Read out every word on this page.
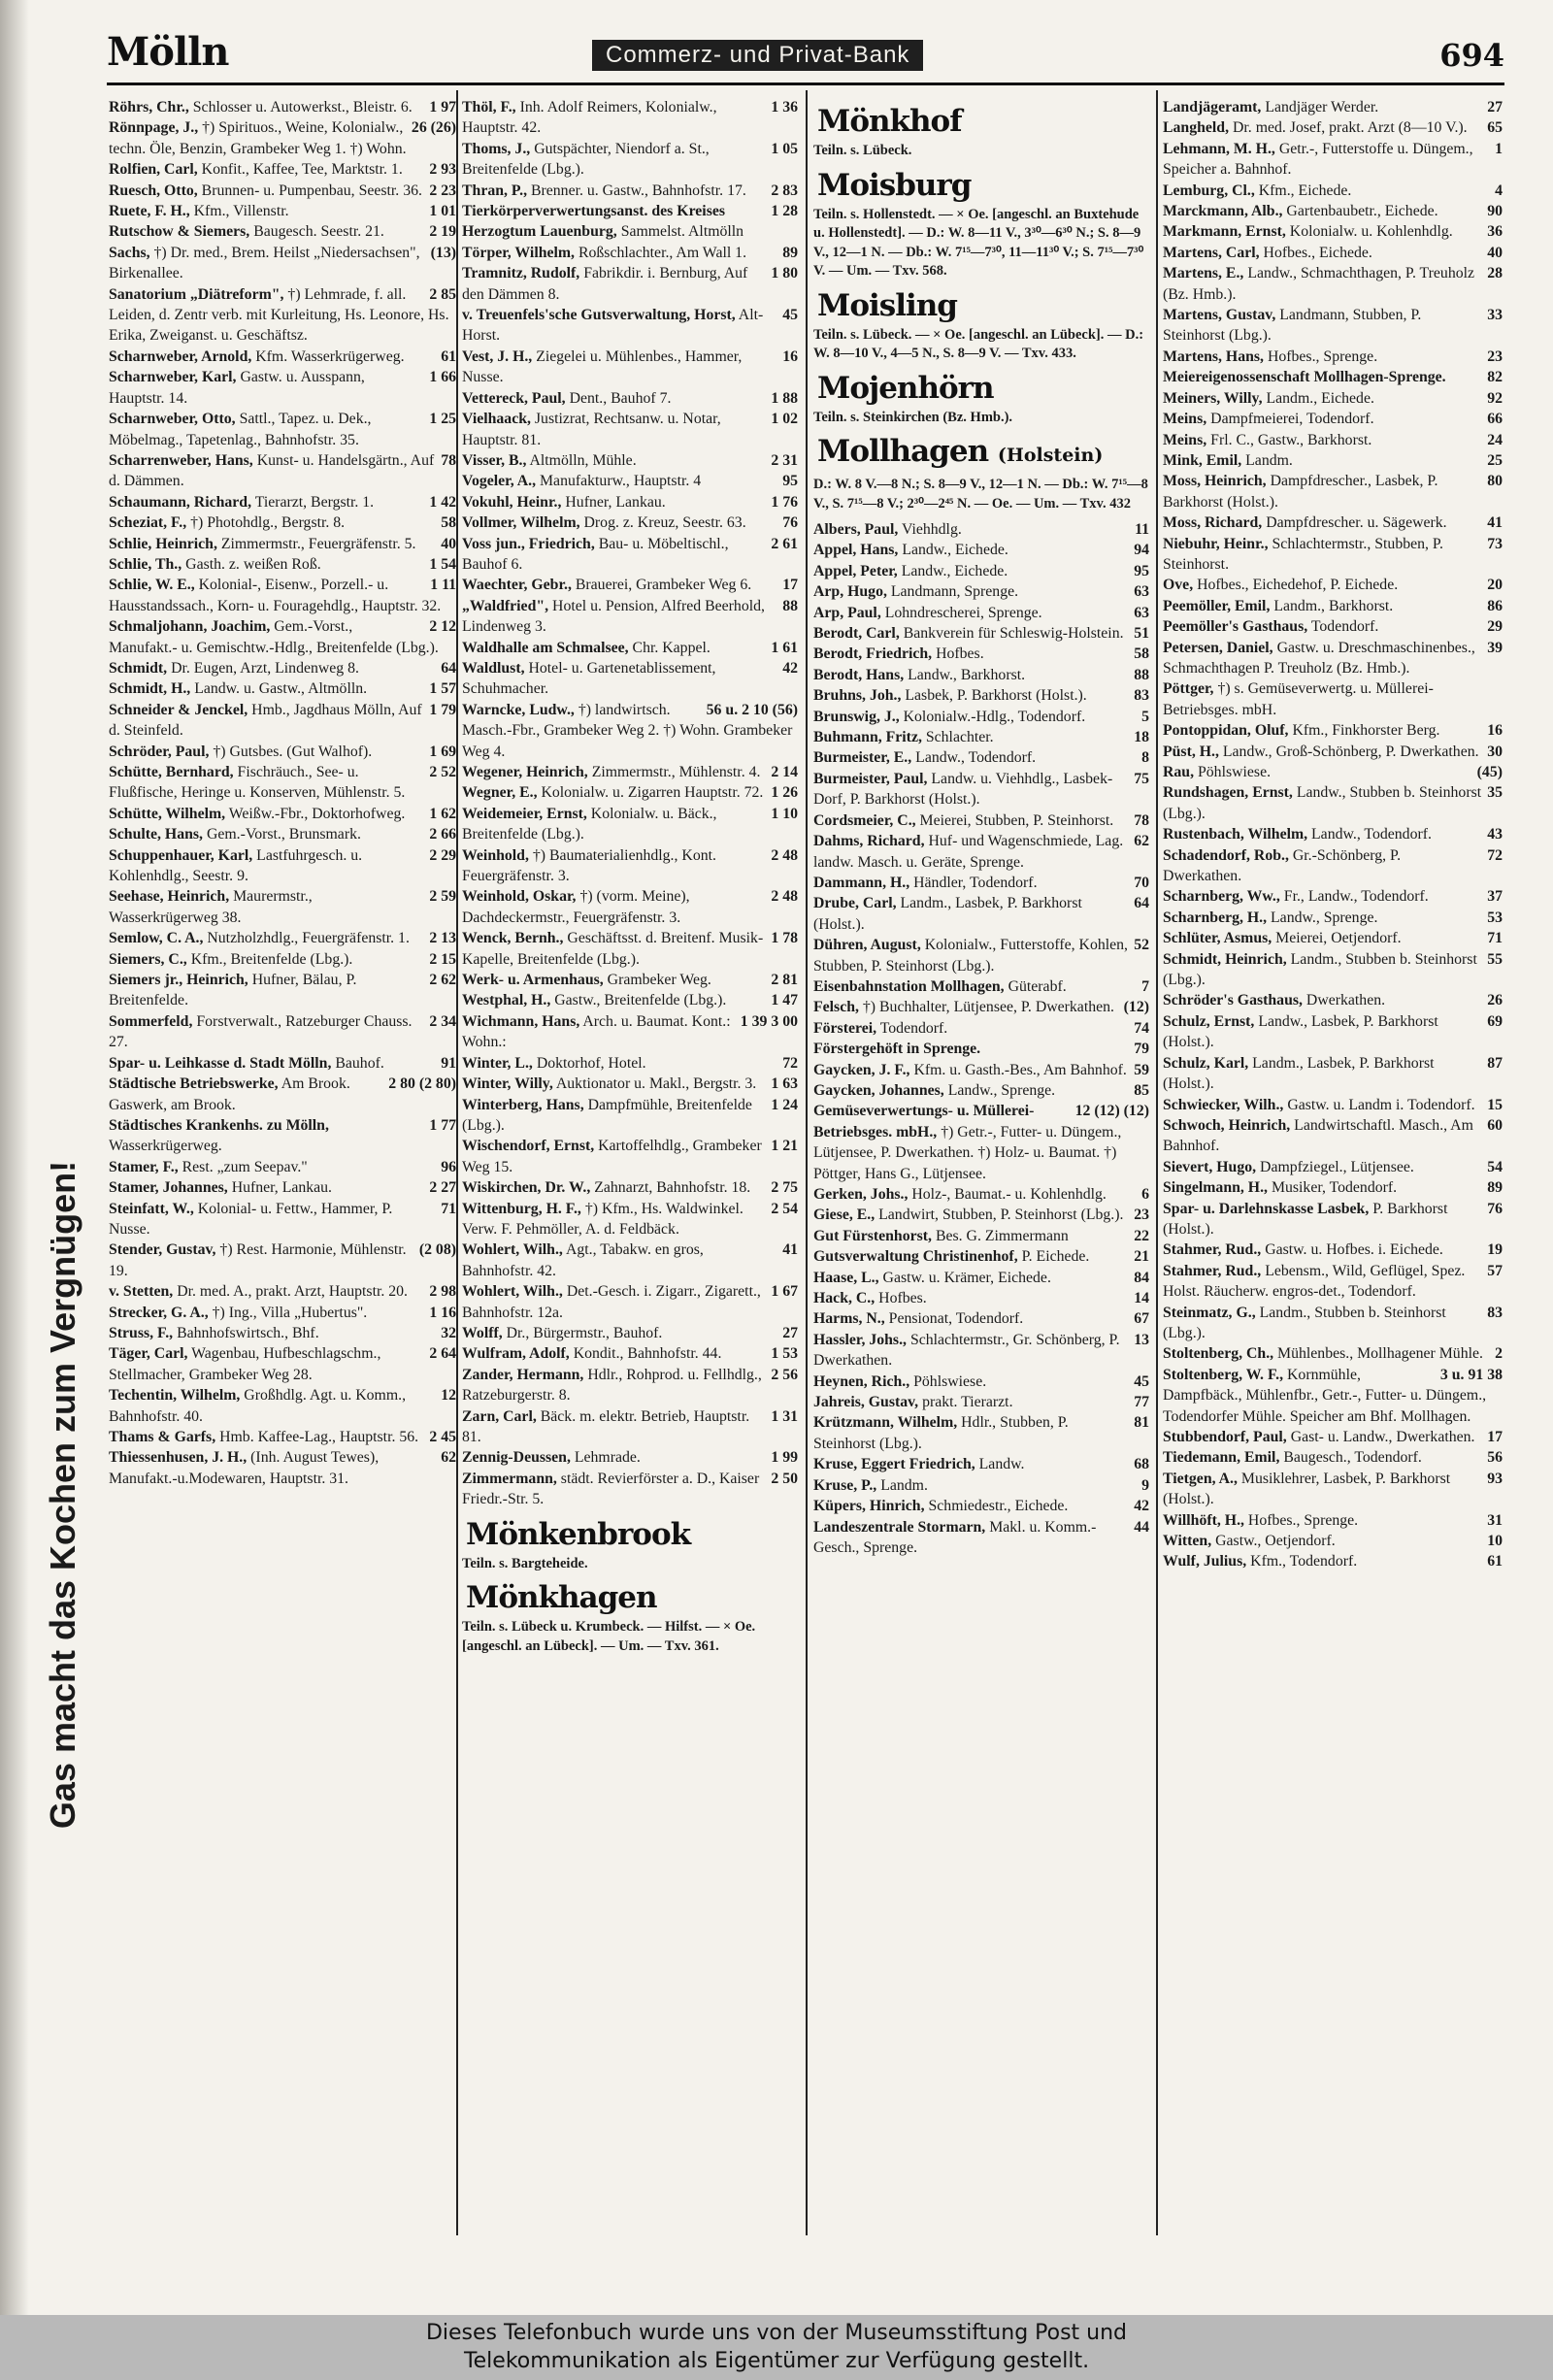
Mölln	Commerz- und Privat-Bank	694
Gas macht das Kochen zum Vergnügen!
1 97
Röhrs, Chr., Schlosser u. Autowerkst., Bleistr. 6.
26 (26)
Rönnpage, J., †) Spirituos., Weine, Kolonialw., techn. Öle, Benzin, Grambeker Weg 1. †) Wohn.
2 93
Rolfien, Carl, Konfit., Kaffee, Tee, Marktstr. 1.
2 23
Ruesch, Otto, Brunnen- u. Pumpenbau, Seestr. 36.
1 01
Ruete, F. H., Kfm., Villenstr.
2 19
Rutschow & Siemers, Baugesch. Seestr. 21.
(13)
Sachs, †) Dr. med., Brem. Heilst „Niedersachsen", Birkenallee.
2 85
Sanatorium „Diätreform", †) Lehmrade, f. all. Leiden, d. Zentr verb. mit Kurleitung, Hs. Leonore, Hs. Erika, Zweiganst. u. Geschäftsz.
61
Scharnweber, Arnold, Kfm. Wasserkrügerweg.
1 66
Scharnweber, Karl, Gastw. u. Ausspann, Hauptstr. 14.
1 25
Scharnweber, Otto, Sattl., Tapez. u. Dek., Möbelmag., Tapetenlag., Bahnhofstr. 35.
78
Scharrenweber, Hans, Kunst- u. Handelsgärtn., Auf d. Dämmen.
1 42
Schaumann, Richard, Tierarzt, Bergstr. 1.
58
Scheziat, F., †) Photohdlg., Bergstr. 8.
40
Schlie, Heinrich, Zimmermstr., Feuergräfenstr. 5.
1 54
Schlie, Th., Gasth. z. weißen Roß.
1 11
Schlie, W. E., Kolonial-, Eisenw., Porzell.- u. Hausstandssach., Korn- u. Fouragehdlg., Hauptstr. 32.
2 12
Schmaljohann, Joachim, Gem.-Vorst., Manufakt.- u. Gemischtw.-Hdlg., Breitenfelde (Lbg.).
64
Schmidt, Dr. Eugen, Arzt, Lindenweg 8.
1 57
Schmidt, H., Landw. u. Gastw., Altmölln.
1 79
Schneider & Jenckel, Hmb., Jagdhaus Mölln, Auf d. Steinfeld.
1 69
Schröder, Paul, †) Gutsbes. (Gut Walhof).
2 52
Schütte, Bernhard, Fischräuch., See- u. Flußfische, Heringe u. Konserven, Mühlenstr. 5.
1 62
Schütte, Wilhelm, Weißw.-Fbr., Doktorhofweg.
2 66
Schulte, Hans, Gem.-Vorst., Brunsmark.
2 29
Schuppenhauer, Karl, Lastfuhrgesch. u. Kohlenhdlg., Seestr. 9.
2 59
Seehase, Heinrich, Maurermstr., Wasserkrügerweg 38.
2 13
Semlow, C. A., Nutzholzhdlg., Feuergräfenstr. 1.
2 15
Siemers, C., Kfm., Breitenfelde (Lbg.).
2 62
Siemers jr., Heinrich, Hufner, Bälau, P. Breitenfelde.
2 34
Sommerfeld, Forstverwalt., Ratzeburger Chauss. 27.
91
Spar- u. Leihkasse d. Stadt Mölln, Bauhof.
2 80 (2 80)
Städtische Betriebswerke, Am Brook. Gaswerk, am Brook.
1 77
Städtisches Krankenhs. zu Mölln, Wasserkrügerweg.
96
Stamer, F., Rest. „zum Seepav."
2 27
Stamer, Johannes, Hufner, Lankau.
71
Steinfatt, W., Kolonial- u. Fettw., Hammer, P. Nusse.
(2 08)
Stender, Gustav, †) Rest. Harmonie, Mühlenstr. 19.
2 98
v. Stetten, Dr. med. A., prakt. Arzt, Hauptstr. 20.
1 16
Strecker, G. A., †) Ing., Villa „Hubertus".
32
Struss, F., Bahnhofswirtsch., Bhf.
2 64
Täger, Carl, Wagenbau, Hufbeschlagschm., Stellmacher, Grambeker Weg 28.
12
Techentin, Wilhelm, Großhdlg. Agt. u. Komm., Bahnhofstr. 40.
2 45
Thams & Garfs, Hmb. Kaffee-Lag., Hauptstr. 56.
62
Thiessenhusen, J. H., (Inh. August Tewes), Manufakt.-u.Modewaren, Hauptstr. 31.
1 36
Thöl, F., Inh. Adolf Reimers, Kolonialw., Hauptstr. 42.
1 05
Thoms, J., Gutspächter, Niendorf a. St., Breitenfelde (Lbg.).
2 83
Thran, P., Brenner. u. Gastw., Bahnhofstr. 17.
1 28
Tierkörperverwertungsanst. des Kreises Herzogtum Lauenburg, Sammelst. Altmölln
89
Törper, Wilhelm, Roßschlachter., Am Wall 1.
1 80
Tramnitz, Rudolf, Fabrikdir. i. Bernburg, Auf den Dämmen 8.
45
v. Treuenfels'sche Gutsverwaltung, Horst, Alt-Horst.
16
Vest, J. H., Ziegelei u. Mühlenbes., Hammer, Nusse.
1 88
Vettereck, Paul, Dent., Bauhof 7.
1 02
Vielhaack, Justizrat, Rechtsanw. u. Notar, Hauptstr. 81.
2 31
Visser, B., Altmölln, Mühle.
95
Vogeler, A., Manufakturw., Hauptstr. 4
1 76
Vokuhl, Heinr., Hufner, Lankau.
76
Vollmer, Wilhelm, Drog. z. Kreuz, Seestr. 63.
2 61
Voss jun., Friedrich, Bau- u. Möbeltischl., Bauhof 6.
17
Waechter, Gebr., Brauerei, Grambeker Weg 6.
88
„Waldfried", Hotel u. Pension, Alfred Beerhold, Lindenweg 3.
1 61
Waldhalle am Schmalsee, Chr. Kappel.
42
Waldlust, Hotel- u. Gartenetablissement, Schuhmacher.
56 u. 2 10 (56)
Warncke, Ludw., †) landwirtsch. Masch.-Fbr., Grambeker Weg 2. †) Wohn. Grambeker Weg 4.
2 14
Wegener, Heinrich, Zimmermstr., Mühlenstr. 4.
1 26
Wegner, E., Kolonialw. u. Zigarren Hauptstr. 72.
1 10
Weidemeier, Ernst, Kolonialw. u. Bäck., Breitenfelde (Lbg.).
2 48
Weinhold, †) Baumaterialienhdlg., Kont. Feuergräfenstr. 3.
2 48
Weinhold, Oskar, †) (vorm. Meine), Dachdeckermstr., Feuergräfenstr. 3.
1 78
Wenck, Bernh., Geschäftsst. d. Breitenf. Musik-Kapelle, Breitenfelde (Lbg.).
2 81
Werk- u. Armenhaus, Grambeker Weg.
1 47
Westphal, H., Gastw., Breitenfelde (Lbg.).
1 39 3 00
Wichmann, Hans, Arch. u. Baumat. Kont.: Wohn.:
72
Winter, L., Doktorhof, Hotel.
1 63
Winter, Willy, Auktionator u. Makl., Bergstr. 3.
1 24
Winterberg, Hans, Dampfmühle, Breitenfelde (Lbg.).
1 21
Wischendorf, Ernst, Kartoffelhdlg., Grambeker Weg 15.
2 75
Wiskirchen, Dr. W., Zahnarzt, Bahnhofstr. 18.
2 54
Wittenburg, H. F., †) Kfm., Hs. Waldwinkel. Verw. F. Pehmöller, A. d. Feldbäck.
41
Wohlert, Wilh., Agt., Tabakw. en gros, Bahnhofstr. 42.
1 67
Wohlert, Wilh., Det.-Gesch. i. Zigarr., Zigarett., Bahnhofstr. 12a.
27
Wolff, Dr., Bürgermstr., Bauhof.
1 53
Wulfram, Adolf, Kondit., Bahnhofstr. 44.
2 56
Zander, Hermann, Hdlr., Rohprod. u. Fellhdlg., Ratzeburgerstr. 8.
1 31
Zarn, Carl, Bäck. m. elektr. Betrieb, Hauptstr. 81.
1 99
Zennig-Deussen, Lehmrade.
2 50
Zimmermann, städt. Revierförster a. D., Kaiser Friedr.-Str. 5.
Mönkenbrook
Teiln. s. Bargteheide.
Mönkhagen
Teiln. s. Lübeck u. Krumbeck. — Hilfst. — × Oe. [angeschl. an Lübeck]. — Um. — Txv. 361.
Mönkhof
Teiln. s. Lübeck.
Moisburg
Teiln. s. Hollenstedt. — × Oe. [angeschl. an Buxtehude u. Hollenstedt]. — D.: W. 8—11 V., 3³⁰—6³⁰ N.; S. 8—9 V., 12—1 N. — Db.: W. 7¹⁵—7³⁰, 11—11³⁰ V.; S. 7¹⁵—7³⁰ V. — Um. — Txv. 568.
Moisling
Teiln. s. Lübeck. — × Oe. [angeschl. an Lübeck]. — D.: W. 8—10 V., 4—5 N., S. 8—9 V. — Txv. 433.
Mojenhörn
Teiln. s. Steinkirchen (Bz. Hmb.).
Mollhagen (Holstein)
D.: W. 8 V.—8 N.; S. 8—9 V., 12—1 N. — Db.: W. 7¹⁵—8 V., S. 7¹⁵—8 V.; 2³⁰—2⁴⁵ N. — Oe. — Um. — Txv. 432
11
Albers, Paul, Viehhdlg.
94
Appel, Hans, Landw., Eichede.
95
Appel, Peter, Landw., Eichede.
63
Arp, Hugo, Landmann, Sprenge.
63
Arp, Paul, Lohndrescherei, Sprenge.
51
Berodt, Carl, Bankverein für Schleswig-Holstein.
58
Berodt, Friedrich, Hofbes.
88
Berodt, Hans, Landw., Barkhorst.
83
Bruhns, Joh., Lasbek, P. Barkhorst (Holst.).
5
Brunswig, J., Kolonialw.-Hdlg., Todendorf.
18
Buhmann, Fritz, Schlachter.
8
Burmeister, E., Landw., Todendorf.
75
Burmeister, Paul, Landw. u. Viehhdlg., Lasbek-Dorf, P. Barkhorst (Holst.).
78
Cordsmeier, C., Meierei, Stubben, P. Steinhorst.
62
Dahms, Richard, Huf- und Wagenschmiede, Lag. landw. Masch. u. Geräte, Sprenge.
70
Dammann, H., Händler, Todendorf.
64
Drube, Carl, Landm., Lasbek, P. Barkhorst (Holst.).
52
Dühren, August, Kolonialw., Futterstoffe, Kohlen, Stubben, P. Steinhorst (Lbg.).
7
Eisenbahnstation Mollhagen, Güterabf.
(12)
Felsch, †) Buchhalter, Lütjensee, P. Dwerkathen.
74
Försterei, Todendorf.
79
Förstergehöft in Sprenge.
59
Gaycken, J. F., Kfm. u. Gasth.-Bes., Am Bahnhof.
85
Gaycken, Johannes, Landw., Sprenge.
12 (12) (12)
Gemüseverwertungs- u. Müllerei-Betriebsges. mbH., †) Getr.-, Futter- u. Düngem., Lütjensee, P. Dwerkathen. †) Holz- u. Baumat. †) Pöttger, Hans G., Lütjensee.
6
Gerken, Johs., Holz-, Baumat.- u. Kohlenhdlg.
23
Giese, E., Landwirt, Stubben, P. Steinhorst (Lbg.).
22
Gut Fürstenhorst, Bes. G. Zimmermann
21
Gutsverwaltung Christinenhof, P. Eichede.
84
Haase, L., Gastw. u. Krämer, Eichede.
14
Hack, C., Hofbes.
67
Harms, N., Pensionat, Todendorf.
13
Hassler, Johs., Schlachtermstr., Gr. Schönberg, P. Dwerkathen.
45
Heynen, Rich., Pöhlswiese.
77
Jahreis, Gustav, prakt. Tierarzt.
81
Krützmann, Wilhelm, Hdlr., Stubben, P. Steinhorst (Lbg.).
68
Kruse, Eggert Friedrich, Landw.
9
Kruse, P., Landm.
42
Küpers, Hinrich, Schmiedestr., Eichede.
44
Landeszentrale Stormarn, Makl. u. Komm.-Gesch., Sprenge.
27
Landjägeramt, Landjäger Werder.
65
Langheld, Dr. med. Josef, prakt. Arzt (8—10 V.).
1
Lehmann, M. H., Getr.-, Futterstoffe u. Düngem., Speicher a. Bahnhof.
4
Lemburg, Cl., Kfm., Eichede.
90
Marckmann, Alb., Gartenbaubetr., Eichede.
36
Markmann, Ernst, Kolonialw. u. Kohlenhdlg.
40
Martens, Carl, Hofbes., Eichede.
28
Martens, E., Landw., Schmachthagen, P. Treuholz (Bz. Hmb.).
33
Martens, Gustav, Landmann, Stubben, P. Steinhorst (Lbg.).
23
Martens, Hans, Hofbes., Sprenge.
82
Meiereigenossenschaft Mollhagen-Sprenge.
92
Meiners, Willy, Landm., Eichede.
66
Meins, Dampfmeierei, Todendorf.
24
Meins, Frl. C., Gastw., Barkhorst.
25
Mink, Emil, Landm.
80
Moss, Heinrich, Dampfdrescher., Lasbek, P. Barkhorst (Holst.).
41
Moss, Richard, Dampfdrescher. u. Sägewerk.
73
Niebuhr, Heinr., Schlachtermstr., Stubben, P. Steinhorst.
20
Ove, Hofbes., Eichedehof, P. Eichede.
86
Peemöller, Emil, Landm., Barkhorst.
29
Peemöller's Gasthaus, Todendorf.
39
Petersen, Daniel, Gastw. u. Dreschmaschinenbes., Schmachthagen P. Treuholz (Bz. Hmb.).
Pöttger, †) s. Gemüseverwertg. u. Müllerei-Betriebsges. mbH.
16
Pontoppidan, Oluf, Kfm., Finkhorster Berg.
30
Püst, H., Landw., Groß-Schönberg, P. Dwerkathen.
(45)
Rau, Pöhlswiese.
35
Rundshagen, Ernst, Landw., Stubben b. Steinhorst (Lbg.).
43
Rustenbach, Wilhelm, Landw., Todendorf.
72
Schadendorf, Rob., Gr.-Schönberg, P. Dwerkathen.
37
Scharnberg, Ww., Fr., Landw., Todendorf.
53
Scharnberg, H., Landw., Sprenge.
71
Schlüter, Asmus, Meierei, Oetjendorf.
55
Schmidt, Heinrich, Landm., Stubben b. Steinhorst (Lbg.).
26
Schröder's Gasthaus, Dwerkathen.
69
Schulz, Ernst, Landw., Lasbek, P. Barkhorst (Holst.).
87
Schulz, Karl, Landm., Lasbek, P. Barkhorst (Holst.).
15
Schwiecker, Wilh., Gastw. u. Landm i. Todendorf.
60
Schwoch, Heinrich, Landwirtschaftl. Masch., Am Bahnhof.
54
Sievert, Hugo, Dampfziegel., Lütjensee.
89
Singelmann, H., Musiker, Todendorf.
76
Spar- u. Darlehnskasse Lasbek, P. Barkhorst (Holst.).
19
Stahmer, Rud., Gastw. u. Hofbes. i. Eichede.
57
Stahmer, Rud., Lebensm., Wild, Geflügel, Spez. Holst. Räucherw. engros-det., Todendorf.
83
Steinmatz, G., Landm., Stubben b. Steinhorst (Lbg.).
2
Stoltenberg, Ch., Mühlenbes., Mollhagener Mühle.
3 u. 91 38
Stoltenberg, W. F., Kornmühle, Dampfbäck., Mühlenfbr., Getr.-, Futter- u. Düngem., Todendorfer Mühle. Speicher am Bhf. Mollhagen.
17
Stubbendorf, Paul, Gast- u. Landw., Dwerkathen.
56
Tiedemann, Emil, Baugesch., Todendorf.
93
Tietgen, A., Musiklehrer, Lasbek, P. Barkhorst (Holst.).
31
Willhöft, H., Hofbes., Sprenge.
10
Witten, Gastw., Oetjendorf.
61
Wulf, Julius, Kfm., Todendorf.
Dieses Telefonbuch wurde uns von der Museumsstiftung Post und
Telekommunikation als Eigentümer zur Verfügung gestellt.
